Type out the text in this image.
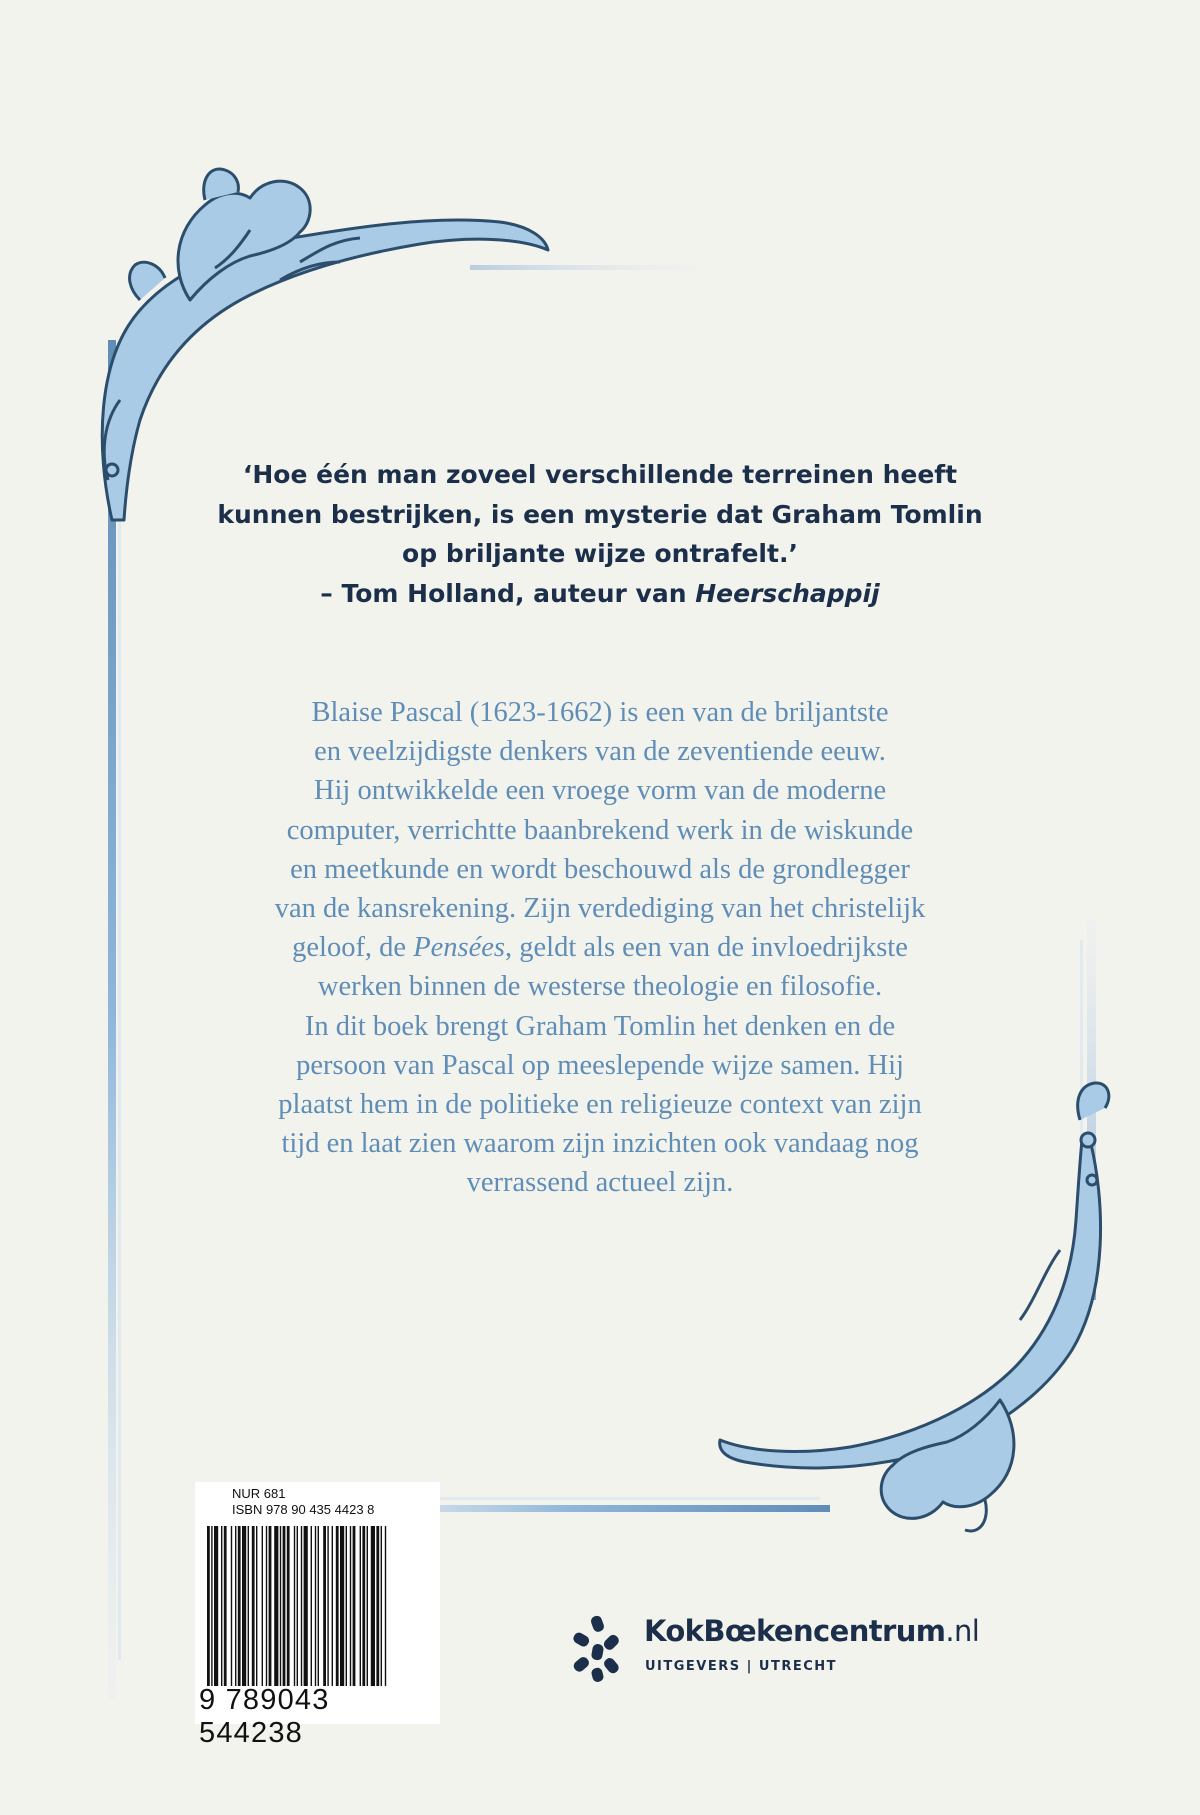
‘Hoe één man zoveel verschillende terreinen heeft
kunnen bestrijken, is een mysterie dat Graham Tomlin
op briljante wijze ontrafelt.’
– Tom Holland, auteur van Heerschappij
Blaise Pascal (1623-1662) is een van de briljantste
en veelzijdigste denkers van de zeventiende eeuw.
Hij ontwikkelde een vroege vorm van de moderne
computer, verrichtte baanbrekend werk in de wiskunde
en meetkunde en wordt beschouwd als de grondlegger
van de kansrekening. Zijn verdediging van het christelijk
geloof, de Pensées, geldt als een van de invloedrijkste
werken binnen de westerse theologie en filosofie.
In dit boek brengt Graham Tomlin het denken en de
persoon van Pascal op meeslepende wijze samen. Hij
plaatst hem in de politieke en religieuze context van zijn
tijd en laat zien waarom zijn inzichten ook vandaag nog
verrassend actueel zijn.
NUR 681
ISBN 978 90 435 4423 8
9 789043 544238
KokBœkencentrum.nl
UITGEVERS | UTRECHT
